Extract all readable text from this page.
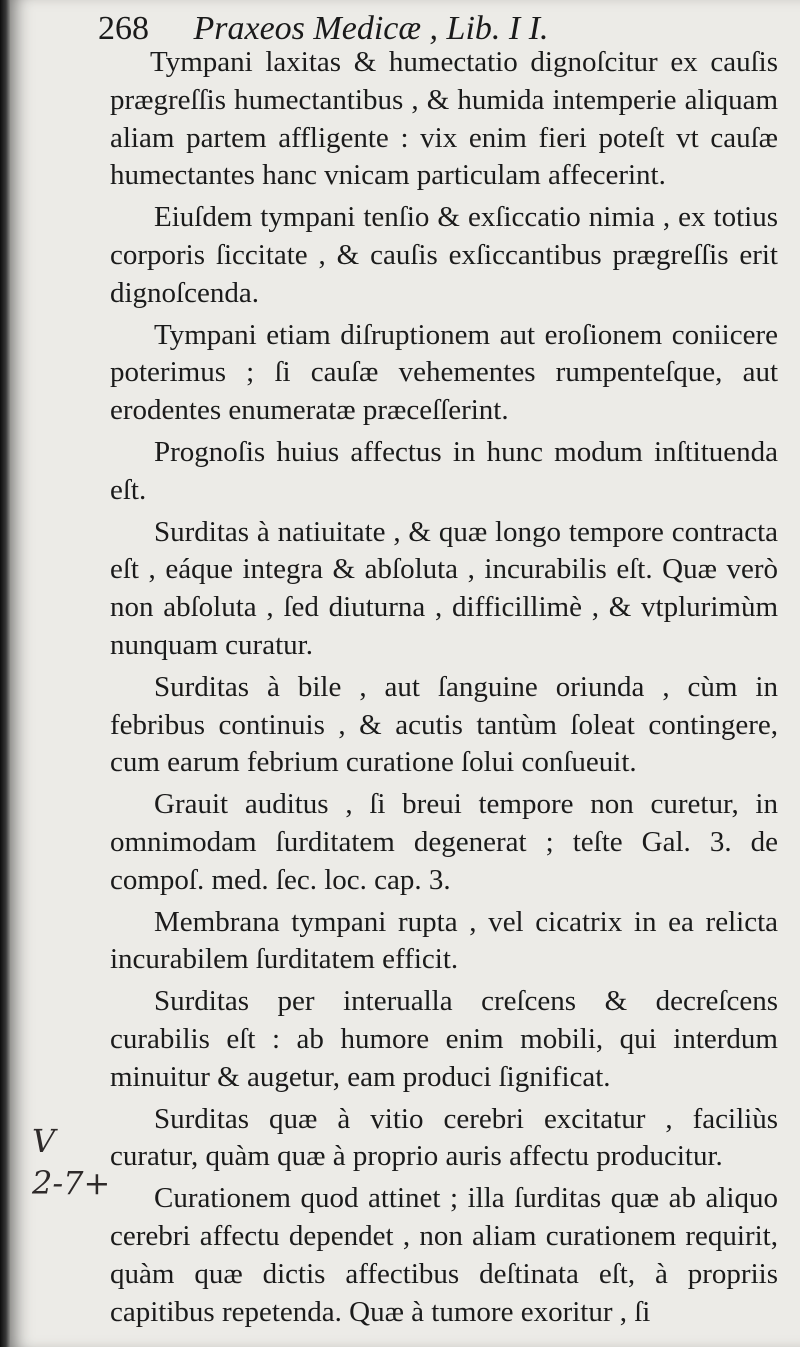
268 Praxeos Medicæ , Lib. I I.

Tympani laxitas & humectatio dignoſcitur ex cauſis prægreſſis humectantibus , & humida intemperie aliquam aliam partem affligente : vix enim fieri poteſt vt cauſæ humectantes hanc vnicam particulam affecerint.

Eiuſdem tympani tenſio & exſiccatio nimia , ex totius corporis ſiccitate , & cauſis exſiccantibus prægreſſis erit dignoſcenda.

Tympani etiam diſruptionem aut eroſionem coniicere poterimus ; ſi cauſæ vehementes rumpenteſque, aut erodentes enumeratæ præceſſerint.

Prognoſis huius affectus in hunc modum inſtituenda eſt.

Surditas à natiuitate , & quæ longo tempore contracta eſt , eáque integra & abſoluta , incurabilis eſt. Quæ verò non abſoluta , ſed diuturna , difficillimè , & vtplurimùm nunquam curatur.

Surditas à bile , aut ſanguine oriunda , cùm in febribus continuis , & acutis tantùm ſoleat contingere, cum earum febrium curatione ſolui conſueuit.

Grauit auditus , ſi breui tempore non curetur, in omnimodam ſurditatem degenerat ; teſte Gal. 3. de compoſ. med. ſec. loc. cap. 3.

Membrana tympani rupta , vel cicatrix in ea relicta incurabilem ſurditatem efficit.

Surditas per interualla creſcens & decreſcens curabilis eſt : ab humore enim mobili, qui interdum minuitur & augetur, eam produci ſignificat.

Surditas quæ à vitio cerebri excitatur , faciliùs curatur, quàm quæ à proprio auris affectu producitur.

Curationem quod attinet ; illa ſurditas quæ ab aliquo cerebri affectu dependet , non aliam curationem requirit, quàm quæ dictis affectibus deſtinata eſt, à propriis capitibus repetenda. Quæ à tumore exoritur , ſi

V
2-7+
